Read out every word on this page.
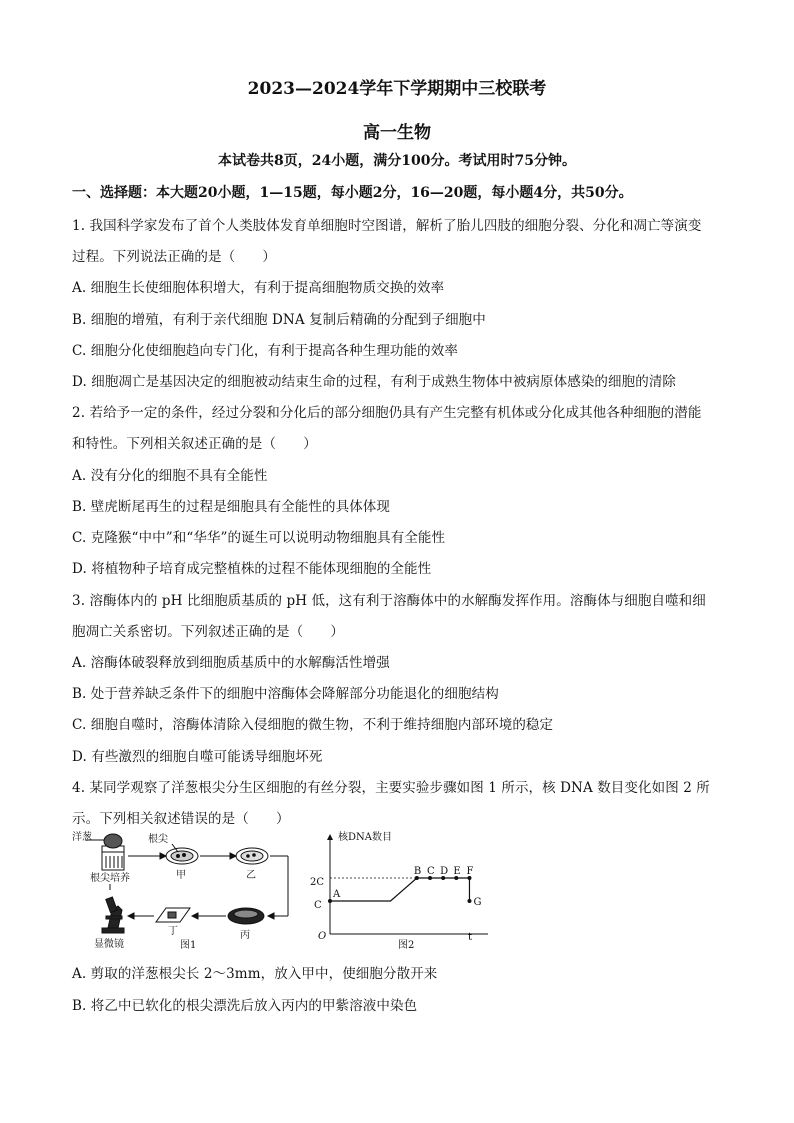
2023—2024学年下学期期中三校联考
高一生物
本试卷共8页，24小题，满分100分。考试用时75分钟。
一、选择题：本大题20小题，1—15题，每小题2分，16—20题，每小题4分，共50分。
1. 我国科学家发布了首个人类肢体发育单细胞时空图谱，解析了胎儿四肢的细胞分裂、分化和凋亡等演变
过程。下列说法正确的是（　　）
A. 细胞生长使细胞体积增大，有利于提高细胞物质交换的效率
B. 细胞的增殖，有利于亲代细胞 DNA 复制后精确的分配到子细胞中
C. 细胞分化使细胞趋向专门化，有利于提高各种生理功能的效率
D. 细胞凋亡是基因决定的细胞被动结束生命的过程，有利于成熟生物体中被病原体感染的细胞的清除
2. 若给予一定的条件，经过分裂和分化后的部分细胞仍具有产生完整有机体或分化成其他各种细胞的潜能
和特性。下列相关叙述正确的是（　　）
A. 没有分化的细胞不具有全能性
B. 壁虎断尾再生的过程是细胞具有全能性的具体体现
C. 克隆猴“中中”和“华华”的诞生可以说明动物细胞具有全能性
D. 将植物种子培育成完整植株的过程不能体现细胞的全能性
3. 溶酶体内的 pH 比细胞质基质的 pH 低，这有利于溶酶体中的水解酶发挥作用。溶酶体与细胞自噬和细
胞凋亡关系密切。下列叙述正确的是（　　）
A. 溶酶体破裂释放到细胞质基质中的水解酶活性增强
B. 处于营养缺乏条件下的细胞中溶酶体会降解部分功能退化的细胞结构
C. 细胞自噬时，溶酶体清除入侵细胞的微生物，不利于维持细胞内部环境的稳定
D. 有些激烈的细胞自噬可能诱导细胞坏死
4. 某同学观察了洋葱根尖分生区细胞的有丝分裂，主要实验步骤如图 1 所示，核 DNA 数目变化如图 2 所
示。下列相关叙述错误的是（　　）
洋葱	根尖
根尖培养	甲	乙
丙
丁
显微镜	图1
A
B C D E F
G
核DNA数目
2C
C
O	t
图2
A. 剪取的洋葱根尖长 2～3mm，放入甲中，使细胞分散开来
B. 将乙中已软化的根尖漂洗后放入丙内的甲紫溶液中染色
